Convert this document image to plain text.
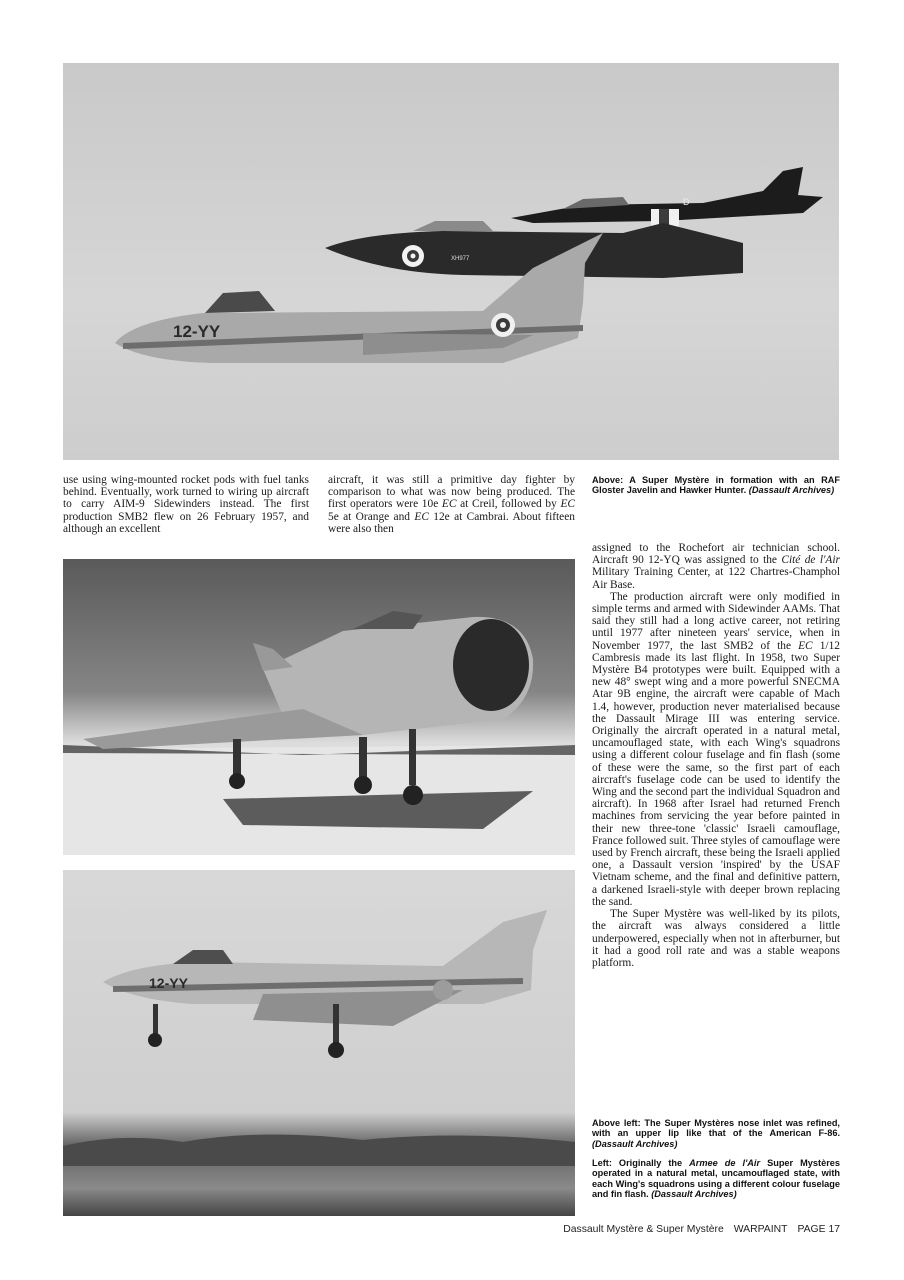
D
XH977
12-YY
12-YY
Above: A Super Mystère in formation with an RAF Gloster Javelin and Hawker Hunter. (Dassault Archives)

use using wing-mounted rocket pods with fuel tanks behind. Eventually, work turned to wiring up aircraft to carry AIM-9 Sidewinders instead. The first production SMB2 flew on 26 February 1957, and although an excellent

aircraft, it was still a primitive day fighter by comparison to what was now being produced. The first operators were 10e EC at Creil, followed by EC 5e at Orange and EC 12e at Cambrai. About fifteen were also then

assigned to the Rochefort air technician school. Aircraft 90 12-YQ was assigned to the Cité de l'Air Military Training Center, at 122 Chartres-Champhol Air Base.

The production aircraft were only modified in simple terms and armed with Sidewinder AAMs. That said they still had a long active career, not retiring until 1977 after nineteen years' service, when in November 1977, the last SMB2 of the EC 1/12 Cambresis made its last flight. In 1958, two Super Mystère B4 prototypes were built. Equipped with a new 48° swept wing and a more powerful SNECMA Atar 9B engine, the aircraft were capable of Mach 1.4, however, production never materialised because the Dassault Mirage III was entering service. Originally the aircraft operated in a natural metal, uncamouflaged state, with each Wing's squadrons using a different colour fuselage and fin flash (some of these were the same, so the first part of each aircraft's fuselage code can be used to identify the Wing and the second part the individual Squadron and aircraft). In 1968 after Israel had returned French machines from servicing the year before painted in their new three-tone 'classic' Israeli camouflage, France followed suit. Three styles of camouflage were used by French aircraft, these being the Israeli applied one, a Dassault version 'inspired' by the USAF Vietnam scheme, and the final and definitive pattern, a darkened Israeli-style with deeper brown replacing the sand.

The Super Mystère was well-liked by its pilots, the aircraft was always considered a little underpowered, especially when not in afterburner, but it had a good roll rate and was a stable weapons platform.

Above left: The Super Mystères nose inlet was refined, with an upper lip like that of the American F-86. (Dassault Archives)
Left: Originally the Armee de l'Air Super Mystères operated in a natural metal, uncamouflaged state, with each Wing's squadrons using a different colour fuselage and fin flash. (Dassault Archives)
Dassault Mystère & Super Mystère WARPAINT PAGE 17
